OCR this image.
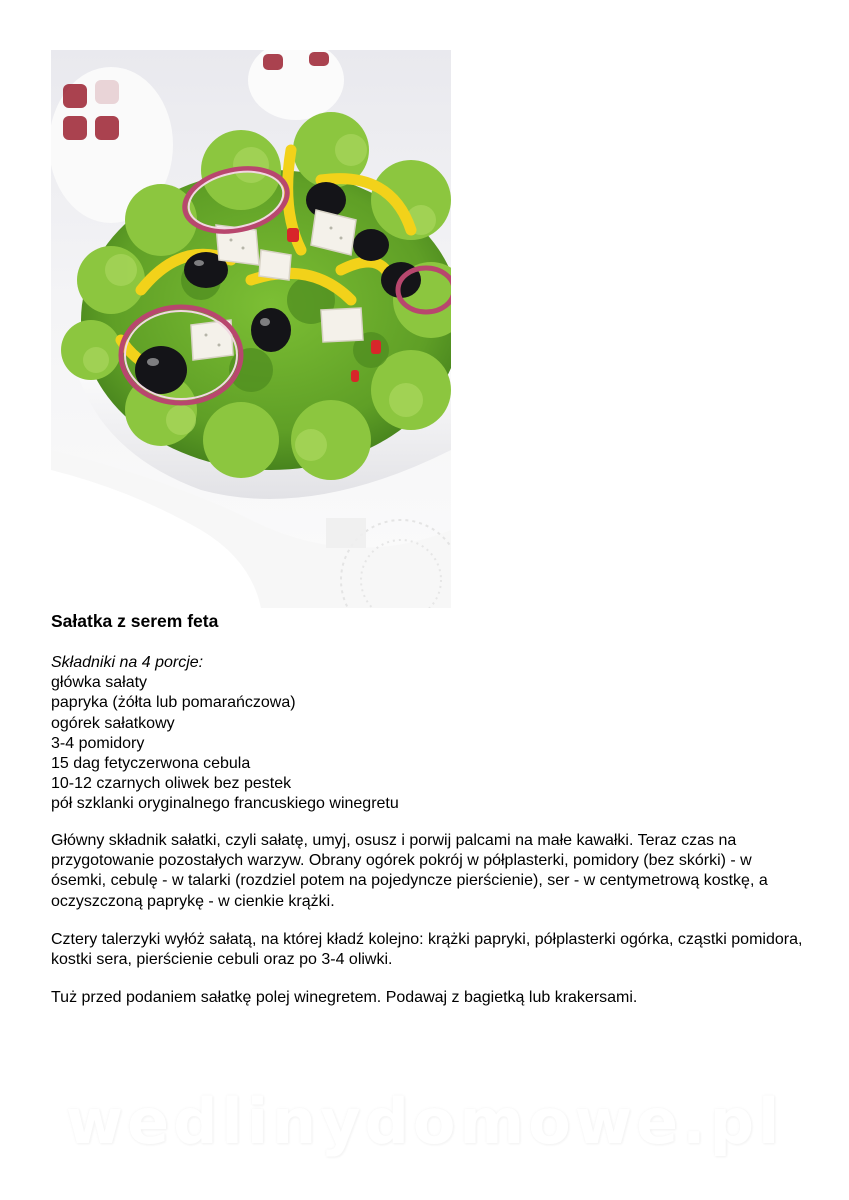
Sałatka z serem feta
Składniki na 4 porcje:
główka sałaty
papryka (żółta lub pomarańczowa)
ogórek sałatkowy
3-4 pomidory
15 dag fetyczerwona cebula
10-12 czarnych oliwek bez pestek
pół szklanki oryginalnego francuskiego winegretu

Główny składnik sałatki, czyli sałatę, umyj, osusz i porwij palcami na małe kawałki. Teraz czas na przygotowanie pozostałych warzyw. Obrany ogórek pokrój w półplasterki, pomidory (bez skórki) - w ósemki, cebulę - w talarki (rozdziel potem na pojedyncze pierścienie), ser - w centymetrową kostkę, a oczyszczoną paprykę - w cienkie krążki.

Cztery talerzyki wyłóż sałatą, na której kładź kolejno: krążki papryki, półplasterki ogórka, cząstki pomidora, kostki sera, pierścienie cebuli oraz po 3-4 oliwki.

Tuż przed podaniem sałatkę polej winegretem. Podawaj z bagietką lub krakersami.

wedlinydomowe.pl
